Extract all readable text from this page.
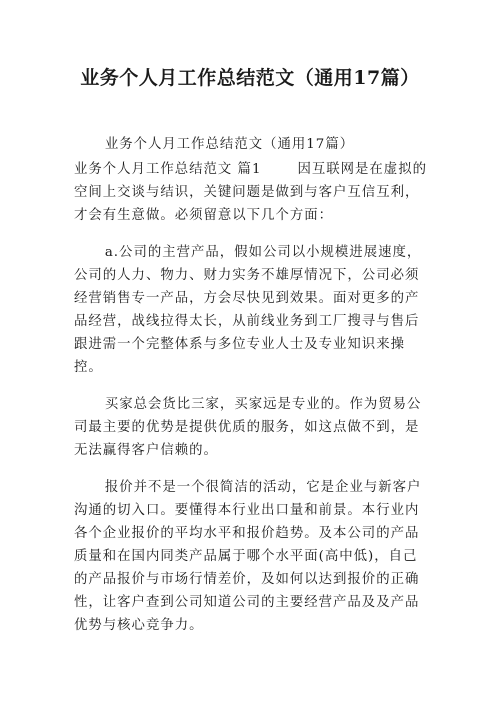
业务个人月工作总结范文（通用17篇）

业务个人月工作总结范文（通用17篇）

业务个人月工作总结范文 篇1	因互联网是在虚拟的空间上交谈与结识，关键问题是做到与客户互信互利，才会有生意做。必须留意以下几个方面：

a.公司的主营产品，假如公司以小规模进展速度，公司的人力、物力、财力实务不雄厚情况下，公司必须经营销售专一产品，方会尽快见到效果。面对更多的产品经营，战线拉得太长，从前线业务到工厂搜寻与售后跟进需一个完整体系与多位专业人士及专业知识来操控。

买家总会货比三家，买家远是专业的。作为贸易公司最主要的优势是提供优质的服务，如这点做不到，是无法赢得客户信赖的。

报价并不是一个很简洁的活动，它是企业与新客户沟通的切入口。要懂得本行业出口量和前景。本行业内各个企业报价的平均水平和报价趋势。及本公司的产品质量和在国内同类产品属于哪个水平面(高中低)，自己的产品报价与市场行情差价，及如何以达到报价的正确性，让客户查到公司知道公司的主要经营产品及及产品优势与核心竞争力。
